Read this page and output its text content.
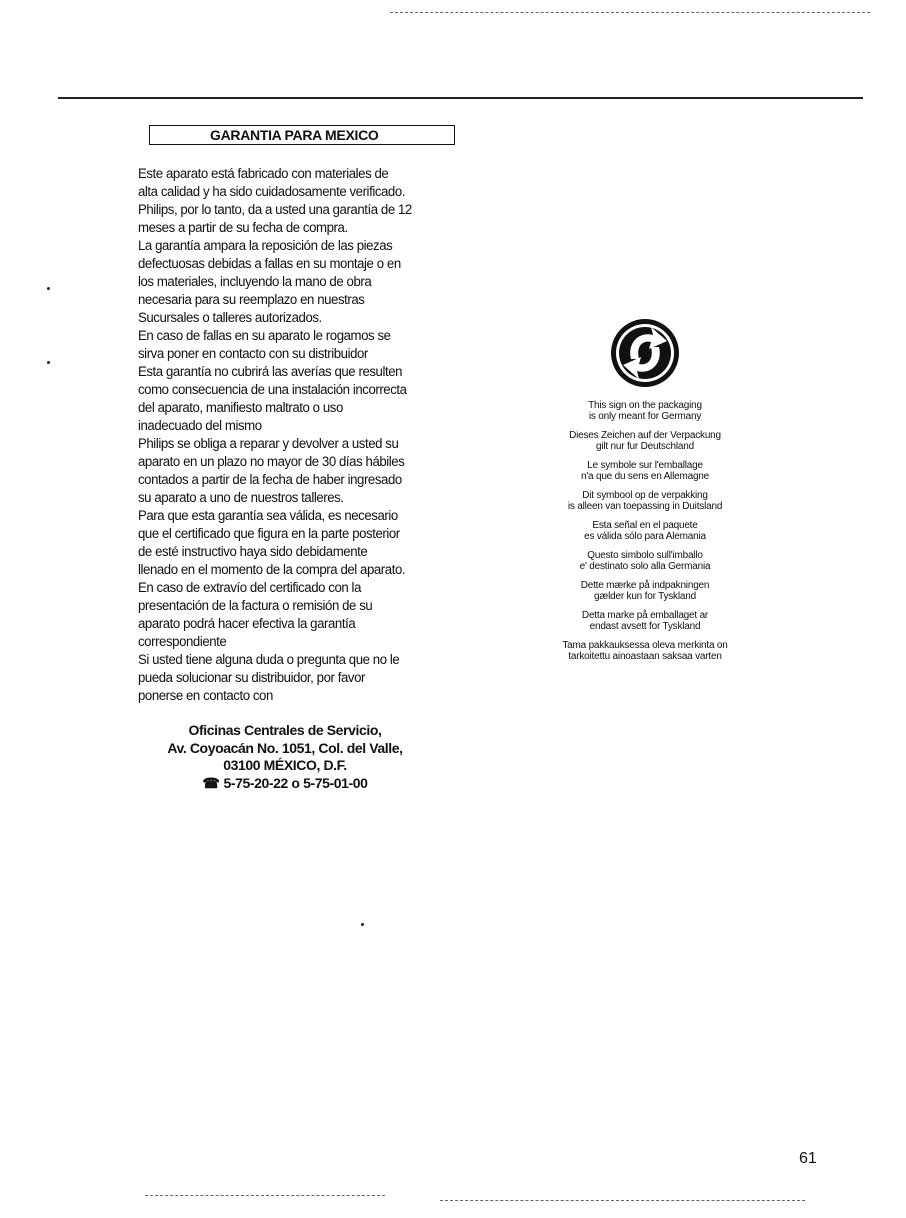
GARANTIA PARA MEXICO

Este aparato está fabricado con materiales de

alta calidad y ha sido cuidadosamente verificado.

Philips, por lo tanto, da a usted una garantía de 12

meses a partir de su fecha de compra.

La garantía ampara la reposición de las piezas

defectuosas debidas a fallas en su montaje o en

los materiales, incluyendo la mano de obra

necesaria para su reemplazo en nuestras

Sucursales o talleres autorizados.

En caso de fallas en su aparato le rogamos se

sirva poner en contacto con su distribuidor

Esta garantía no cubrirá las averías que resulten

como consecuencia de una instalación incorrecta

del aparato, manifiesto maltrato o uso

inadecuado del mismo

Philips se obliga a reparar y devolver a usted su

aparato en un plazo no mayor de 30 días hábiles

contados a partir de la fecha de haber ingresado

su aparato a uno de nuestros talleres.

Para que esta garantía sea válida, es necesario

que el certificado que figura en la parte posterior

de esté instructivo haya sido debidamente

llenado en el momento de la compra del aparato.

En caso de extravío del certificado con la

presentación de la factura o remisión de su

aparato podrá hacer efectiva la garantía

correspondiente

Si usted tiene alguna duda o pregunta que no le

pueda solucionar su distribuidor, por favor

ponerse en contacto con

Oficinas Centrales de Servicio,

Av. Coyoacán No. 1051, Col. del Valle,

03100 MÉXICO, D.F.

☎ 5-75-20-22 o 5-75-01-00

This sign on the packaging

is only meant for Germany

Dieses Zeichen auf der Verpackung

gilt nur fur Deutschland

Le symbole sur l'emballage

n'a que du sens en Allemagne

Dit symbool op de verpakking

is alleen van toepassing in Duitsland

Esta señal en el paquete

es válida sólo para Alemania

Questo simbolo sull'imballo

e' destinato solo alla Germania

Dette mærke på indpakningen

gælder kun for Tyskland

Detta marke på emballaget ar

endast avsett for Tyskland

Tama pakkauksessa oleva merkinta on

tarkoitettu ainoastaan saksaa varten

61
